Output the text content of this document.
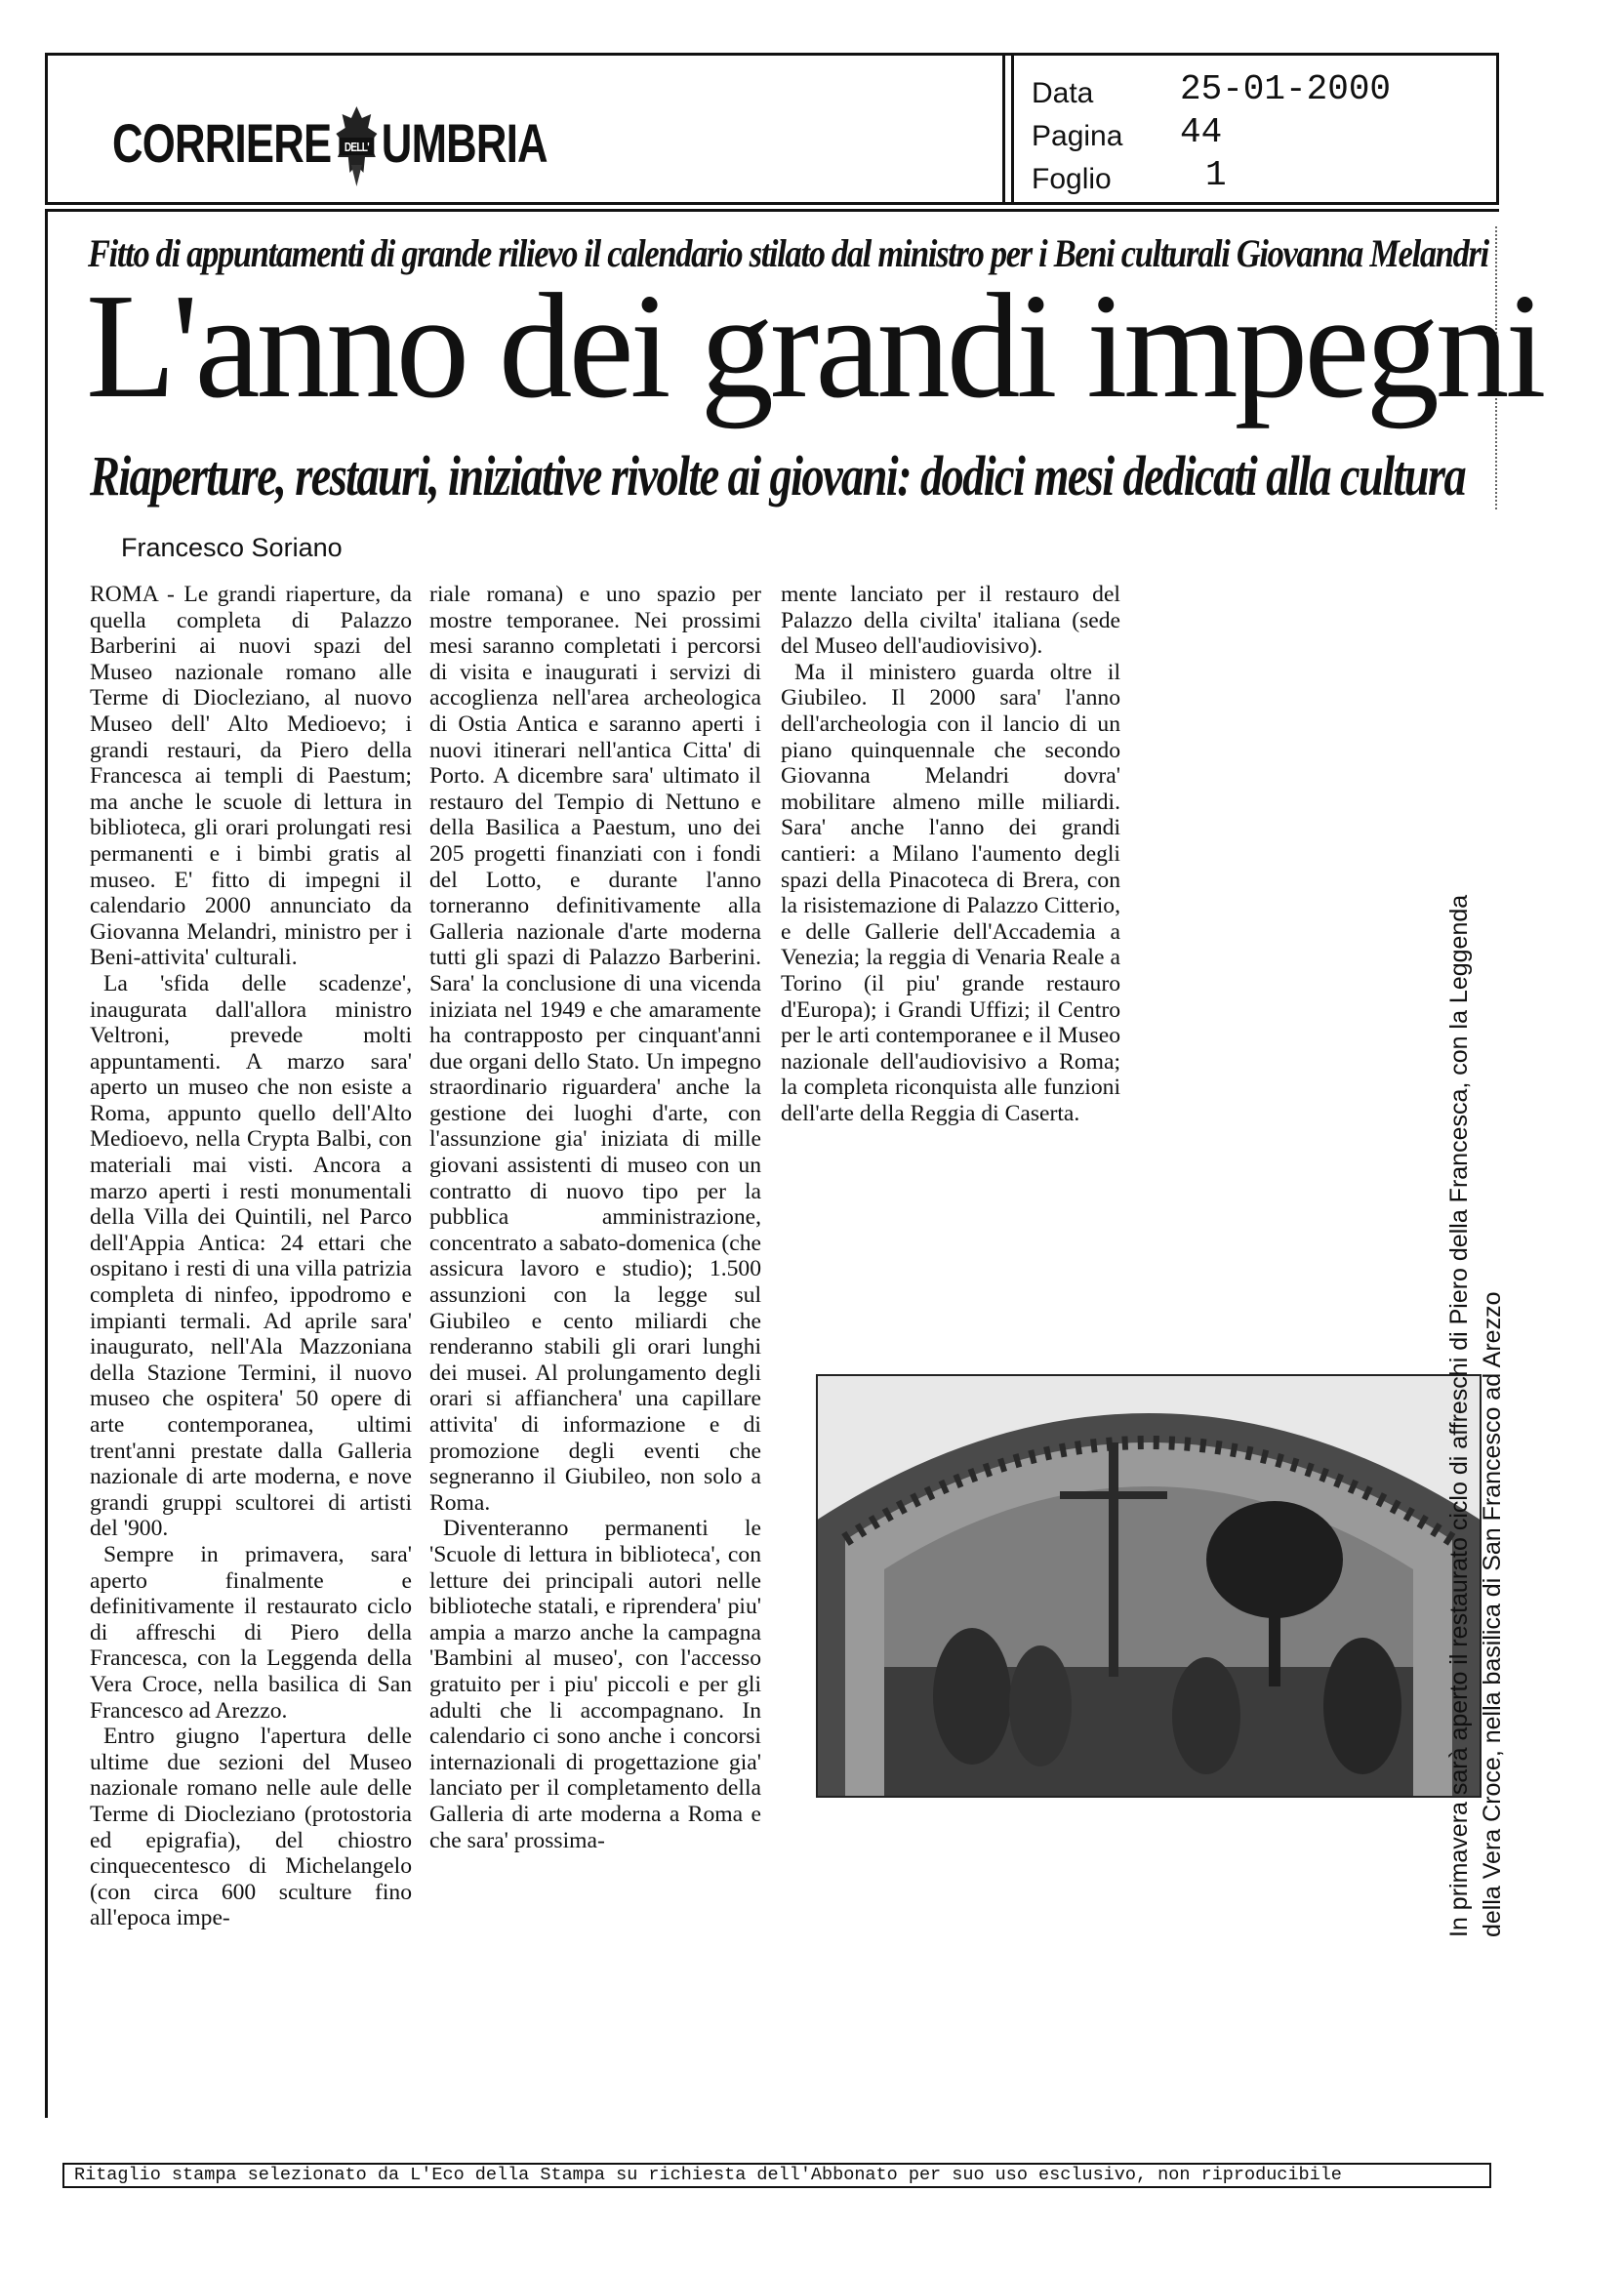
CORRIERE DELL' UMBRIA
Data 25-01-2000
Pagina 44
Foglio	1
Fitto di appuntamenti di grande rilievo il calendario stilato dal ministro per i Beni culturali Giovanna Melandri
L'anno dei grandi impegni
Riaperture, restauri, iniziative rivolte ai giovani: dodici mesi dedicati alla cultura
Francesco Soriano

ROMA - Le grandi riaperture, da quella completa di Palazzo Barberini ai nuovi spazi del Museo nazionale romano alle Terme di Diocleziano, al nuovo Museo dell' Alto Medioevo; i grandi restauri, da Piero della Francesca ai templi di Paestum; ma anche le scuole di lettura in biblioteca, gli orari prolungati resi permanenti e i bimbi gratis al museo. E' fitto di impegni il calendario 2000 annunciato da Giovanna Melandri, ministro per i Beni-attivita' culturali.

La 'sfida delle scadenze', inaugurata dall'allora ministro Veltroni, prevede molti appuntamenti. A marzo sara' aperto un museo che non esiste a Roma, appunto quello dell'Alto Medioevo, nella Crypta Balbi, con materiali mai visti. Ancora a marzo aperti i resti monumentali della Villa dei Quintili, nel Parco dell'Appia Antica: 24 ettari che ospitano i resti di una villa patrizia completa di ninfeo, ippodromo e impianti termali. Ad aprile sara' inaugurato, nell'Ala Mazzoniana della Stazione Termini, il nuovo museo che ospitera' 50 opere di arte contemporanea, ultimi trent'anni prestate dalla Galleria nazionale di arte moderna, e nove grandi gruppi scultorei di artisti del '900.

Sempre in primavera, sara' aperto finalmente e definitivamente il restaurato ciclo di affreschi di Piero della Francesca, con la Leggenda della Vera Croce, nella basilica di San Francesco ad Arezzo.

Entro giugno l'apertura delle ultime due sezioni del Museo nazionale romano nelle aule delle Terme di Diocleziano (protostoria ed epigrafia), del chiostro cinquecentesco di Michelangelo (con circa 600 sculture fino all'epoca impe-

riale romana) e uno spazio per mostre temporanee. Nei prossimi mesi saranno completati i percorsi di visita e inaugurati i servizi di accoglienza nell'area archeologica di Ostia Antica e saranno aperti i nuovi itinerari nell'antica Citta' di Porto. A dicembre sara' ultimato il restauro del Tempio di Nettuno e della Basilica a Paestum, uno dei 205 progetti finanziati con i fondi del Lotto, e durante l'anno torneranno definitivamente alla Galleria nazionale d'arte moderna tutti gli spazi di Palazzo Barberini. Sara' la conclusione di una vicenda iniziata nel 1949 e che amaramente ha contrapposto per cinquant'anni due organi dello Stato. Un impegno straordinario riguardera' anche la gestione dei luoghi d'arte, con l'assunzione gia' iniziata di mille giovani assistenti di museo con un contratto di nuovo tipo per la pubblica amministrazione, concentrato a sabato-domenica (che assicura lavoro e studio); 1.500 assunzioni con la legge sul Giubileo e cento miliardi che renderanno stabili gli orari lunghi dei musei. Al prolungamento degli orari si affianchera' una capillare attivita' di informazione e di promozione degli eventi che segneranno il Giubileo, non solo a Roma.

Diventeranno permanenti le 'Scuole di lettura in biblioteca', con letture dei principali autori nelle biblioteche statali, e riprendera' piu' ampia a marzo anche la campagna 'Bambini al museo', con l'accesso gratuito per i piu' piccoli e per gli adulti che li accompagnano. In calendario ci sono anche i concorsi internazionali di progettazione gia' lanciato per il completamento della Galleria di arte moderna a Roma e che sara' prossima-

mente lanciato per il restauro del Palazzo della civilta' italiana (sede del Museo dell'audiovisivo).

Ma il ministero guarda oltre il Giubileo. Il 2000 sara' l'anno dell'archeologia con il lancio di un piano quinquennale che secondo Giovanna Melandri dovra' mobilitare almeno mille miliardi. Sara' anche l'anno dei grandi cantieri: a Milano l'aumento degli spazi della Pinacoteca di Brera, con la risistemazione di Palazzo Citterio, e delle Gallerie dell'Accademia a Venezia; la reggia di Venaria Reale a Torino (il piu' grande restauro d'Europa); i Grandi Uffizi; il Centro per le arti contemporanee e il Museo nazionale dell'audiovisivo a Roma; la completa riconquista alle funzioni dell'arte della Reggia di Caserta.	In primavera sarà aperto il restaurato ciclo di affreschi di Piero della Francesca, con la Leggenda della Vera Croce, nella basilica di San Francesco ad Arezzo
Ritaglio stampa selezionato da L'Eco della Stampa su richiesta dell'Abbonato per suo uso esclusivo, non riproducibile
